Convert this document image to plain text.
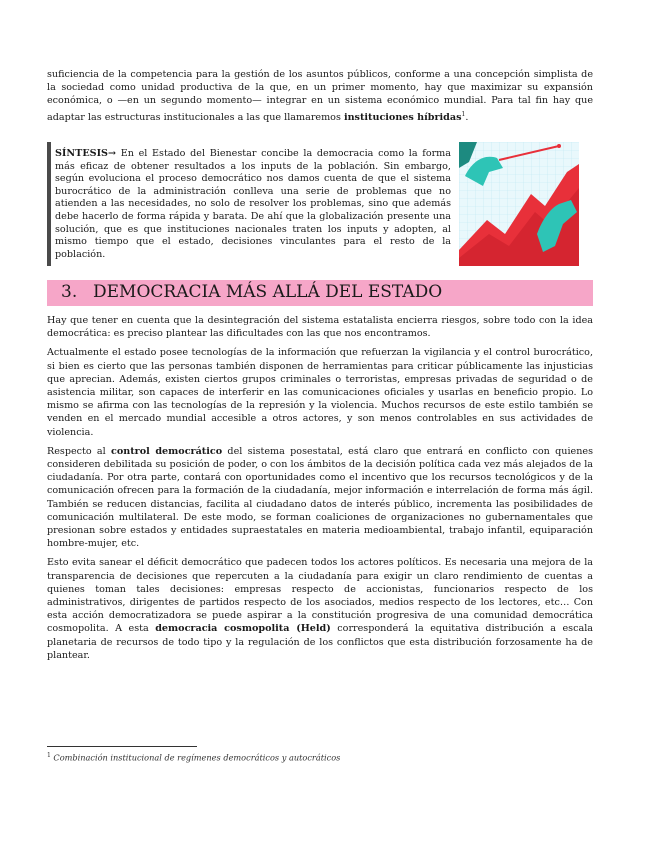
suficiencia de la competencia para la gestión de los asuntos públicos, conforme a una concepción simplista de la sociedad como unidad productiva de la que, en un primer momento, hay que maximizar su expansión económica, o —en un segundo momento— integrar en un sistema económico mundial. Para tal fin hay que adaptar las estructuras institucionales a las que llamaremos instituciones híbridas$^1$.

SÍNTESIS→ En el Estado del Bienestar concibe la democracia como la forma más eficaz de obtener resultados a los inputs de la población. Sin embargo, según evoluciona el proceso democrático nos damos cuenta de que el sistema burocrático de la administración conlleva una serie de problemas que no atienden a las necesidades, no solo de resolver los problemas, sino que además debe hacerlo de forma rápida y barata. De ahí que la globalización presente una solución, que es que instituciones nacionales traten los inputs y adopten, al mismo tiempo que el estado, decisiones vinculantes para el resto de la población.

3. DEMOCRACIA MÁS ALLÁ DEL ESTADO

Hay que tener en cuenta que la desintegración del sistema estatalista encierra riesgos, sobre todo con la idea democrática: es preciso plantear las dificultades con las que nos encontramos.

Actualmente el estado posee tecnologías de la información que refuerzan la vigilancia y el control burocrático, si bien es cierto que las personas también disponen de herramientas para criticar públicamente las injusticias que aprecian. Además, existen ciertos grupos criminales o terroristas, empresas privadas de seguridad o de asistencia militar, son capaces de interferir en las comunicaciones oficiales y usarlas en beneficio propio. Lo mismo se afirma con las tecnologías de la represión y la violencia. Muchos recursos de este estilo también se venden en el mercado mundial accesible a otros actores, y son menos controlables en sus actividades de violencia.

Respecto al control democrático del sistema posestatal, está claro que entrará en conflicto con quienes consideren debilitada su posición de poder, o con los ámbitos de la decisión política cada vez más alejados de la ciudadanía. Por otra parte, contará con oportunidades como el incentivo que los recursos tecnológicos y de la comunicación ofrecen para la formación de la ciudadanía, mejor información e interrelación de forma más ágil. También se reducen distancias, facilita al ciudadano datos de interés público, incrementa las posibilidades de comunicación multilateral. De este modo, se forman coaliciones de organizaciones no gubernamentales que presionan sobre estados y entidades supraestatales en materia medioambiental, trabajo infantil, equiparación hombre-mujer, etc.

Esto evita sanear el déficit democrático que padecen todos los actores políticos. Es necesaria una mejora de la transparencia de decisiones que repercuten a la ciudadanía para exigir un claro rendimiento de cuentas a quienes toman tales decisiones: empresas respecto de accionistas, funcionarios respecto de los administrativos, dirigentes de partidos respecto de los asociados, medios respecto de los lectores, etc… Con esta acción democratizadora se puede aspirar a la constitución progresiva de una comunidad democrática cosmopolita. A esta democracia cosmopolita (Held) corresponderá la equitativa distribución a escala planetaria de recursos de todo tipo y la regulación de los conflictos que esta distribución forzosamente ha de plantear.

$^1$ Combinación institucional de regímenes democráticos y autocráticos
